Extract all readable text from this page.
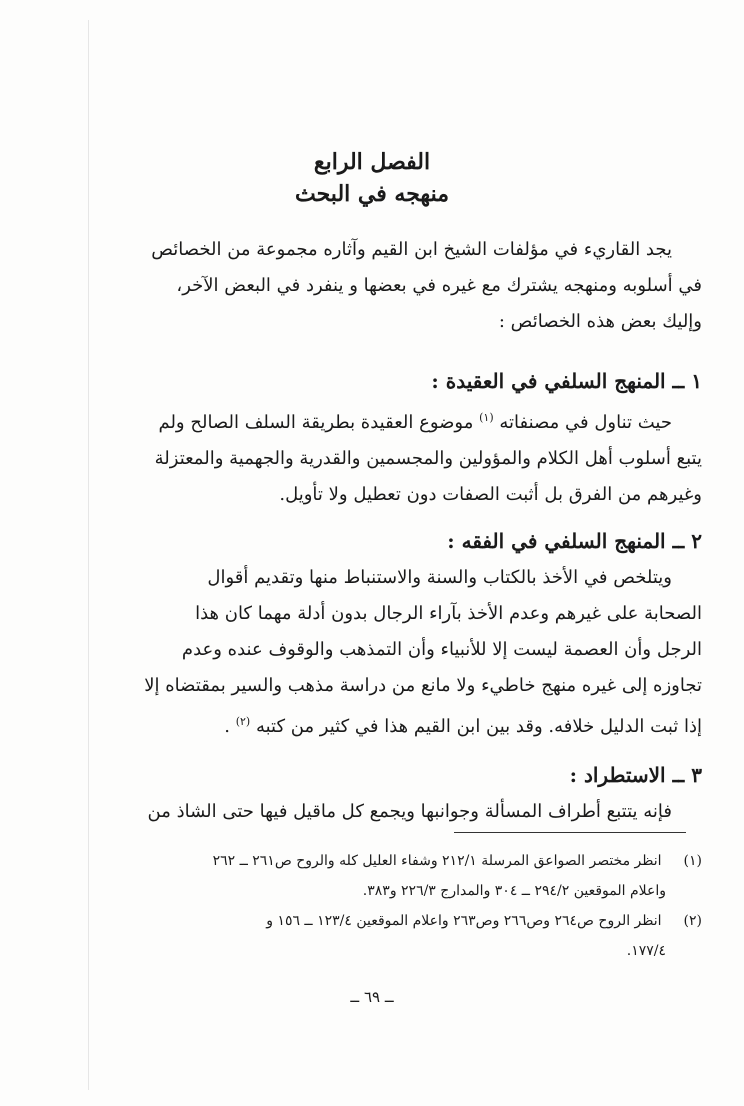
الفصل الرابع
منهجه في البحث
يجد القاريء في مؤلفات الشيخ ابن القيم وآثاره مجموعة من الخصائص
في أسلوبه ومنهجه يشترك مع غيره في بعضها و ينفرد في البعض الآخر،
وإليك بعض هذه الخصائص :
١ ــ المنهج السلفي في العقيدة :
حيث تناول في مصنفاته $^{(١)}$ موضوع العقيدة بطريقة السلف الصالح ولم
يتبع أسلوب أهل الكلام والمؤولين والمجسمين والقدرية والجهمية والمعتزلة
وغيرهم من الفرق بل أثبت الصفات دون تعطيل ولا تأويل.
٢ ــ المنهج السلفي في الفقه :
ويتلخص في الأخذ بالكتاب والسنة والاستنباط منها وتقديم أقوال
الصحابة على غيرهم وعدم الأخذ بآراء الرجال بدون أدلة مهما كان هذا
الرجل وأن العصمة ليست إلا للأنبياء وأن التمذهب والوقوف عنده وعدم
تجاوزه إلى غيره منهج خاطيء ولا مانع من دراسة مذهب والسير بمقتضاه إلا
إذا ثبت الدليل خلافه. وقد بين ابن القيم هذا في كثير من كتبه $^{(٢)}$ .
٣ ــ الاستطراد :
فإنه يتتبع أطراف المسألة وجوانبها ويجمع كل ماقيل فيها حتى الشاذ من
(١) انظر مختصر الصواعق المرسلة ٢١٢/١ وشفاء العليل كله والروح ص٢٦١ ــ ٢٦٢
واعلام الموقعين ٢٩٤/٢ ــ ٣٠٤ والمدارج ٢٢٦/٣ و٣٨٣.
(٢) انظر الروح ص٢٦٤ وص٢٦٦ وص٢٦٣ واعلام الموقعين ١٢٣/٤ ــ ١٥٦ و
١٧٧/٤.
ــ ٦٩ ــ
